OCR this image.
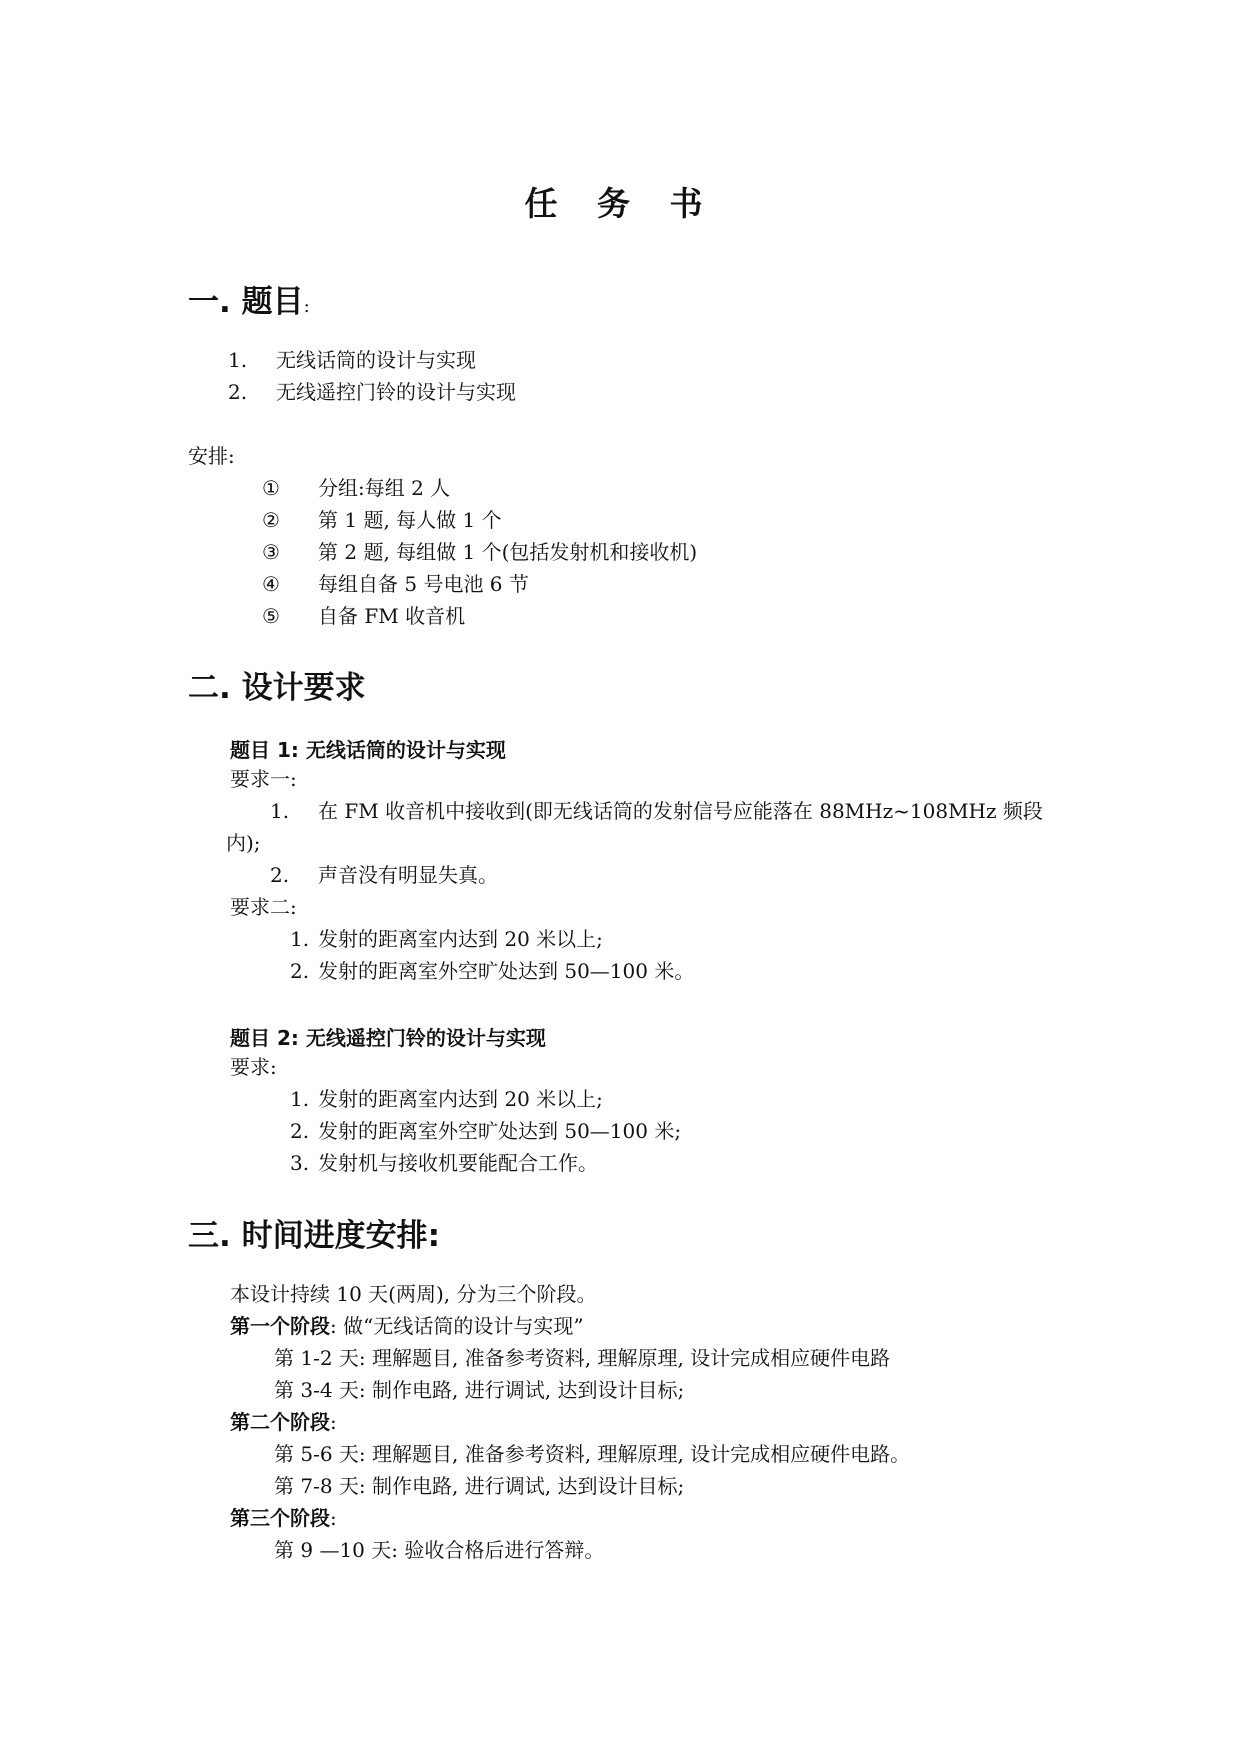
任 务 书
一. 题目:
1. 无线话筒的设计与实现
2. 无线遥控门铃的设计与实现
安排:
① 分组:每组 2 人
② 第 1 题, 每人做 1 个
③ 第 2 题, 每组做 1 个(包括发射机和接收机)
④ 每组自备 5 号电池 6 节
⑤ 自备 FM 收音机
二. 设计要求
题目 1: 无线话筒的设计与实现
要求一:
1. 在 FM 收音机中接收到(即无线话筒的发射信号应能落在 88MHz~108MHz 频段
内);
2. 声音没有明显失真。
要求二:
1. 发射的距离室内达到 20 米以上;
2. 发射的距离室外空旷处达到 50—100 米。
题目 2: 无线遥控门铃的设计与实现
要求:
1. 发射的距离室内达到 20 米以上;
2. 发射的距离室外空旷处达到 50—100 米;
3. 发射机与接收机要能配合工作。
三. 时间进度安排:
本设计持续 10 天(两周), 分为三个阶段。
第一个阶段: 做“无线话筒的设计与实现”
第 1-2 天: 理解题目, 准备参考资料, 理解原理, 设计完成相应硬件电路
第 3-4 天: 制作电路, 进行调试, 达到设计目标;
第二个阶段:
第 5-6 天: 理解题目, 准备参考资料, 理解原理, 设计完成相应硬件电路。
第 7-8 天: 制作电路, 进行调试, 达到设计目标;
第三个阶段:
第 9 —10 天: 验收合格后进行答辩。
